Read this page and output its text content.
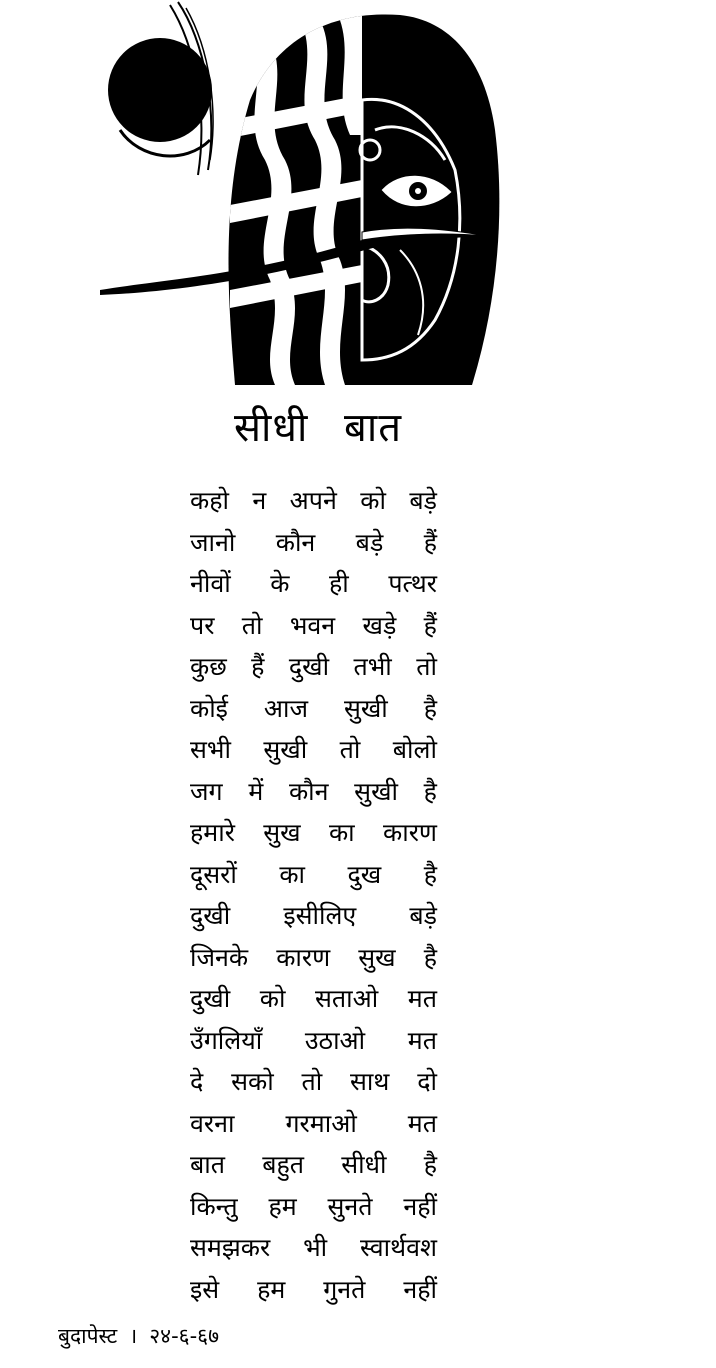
सीधी बात
कहो न अपने को बड़े
जानो कौन बड़े हैं
नीवों के ही पत्थर
पर तो भवन खड़े हैं
कुछ हैं दुखी तभी तो
कोई आज सुखी है
सभी सुखी तो बोलो
जग में कौन सुखी है
हमारे सुख का कारण
दूसरों का दुख है
दुखी इसीलिए बड़े
जिनके कारण सुख है
दुखी को सताओ मत
उँगलियाँ उठाओ मत
दे सको तो साथ दो
वरना गरमाओ मत
बात बहुत सीधी है
किन्तु हम सुनते नहीं
समझकर भी स्वार्थवश
इसे हम गुनते नहीं
बुदापेस्ट । २४-६-६७
